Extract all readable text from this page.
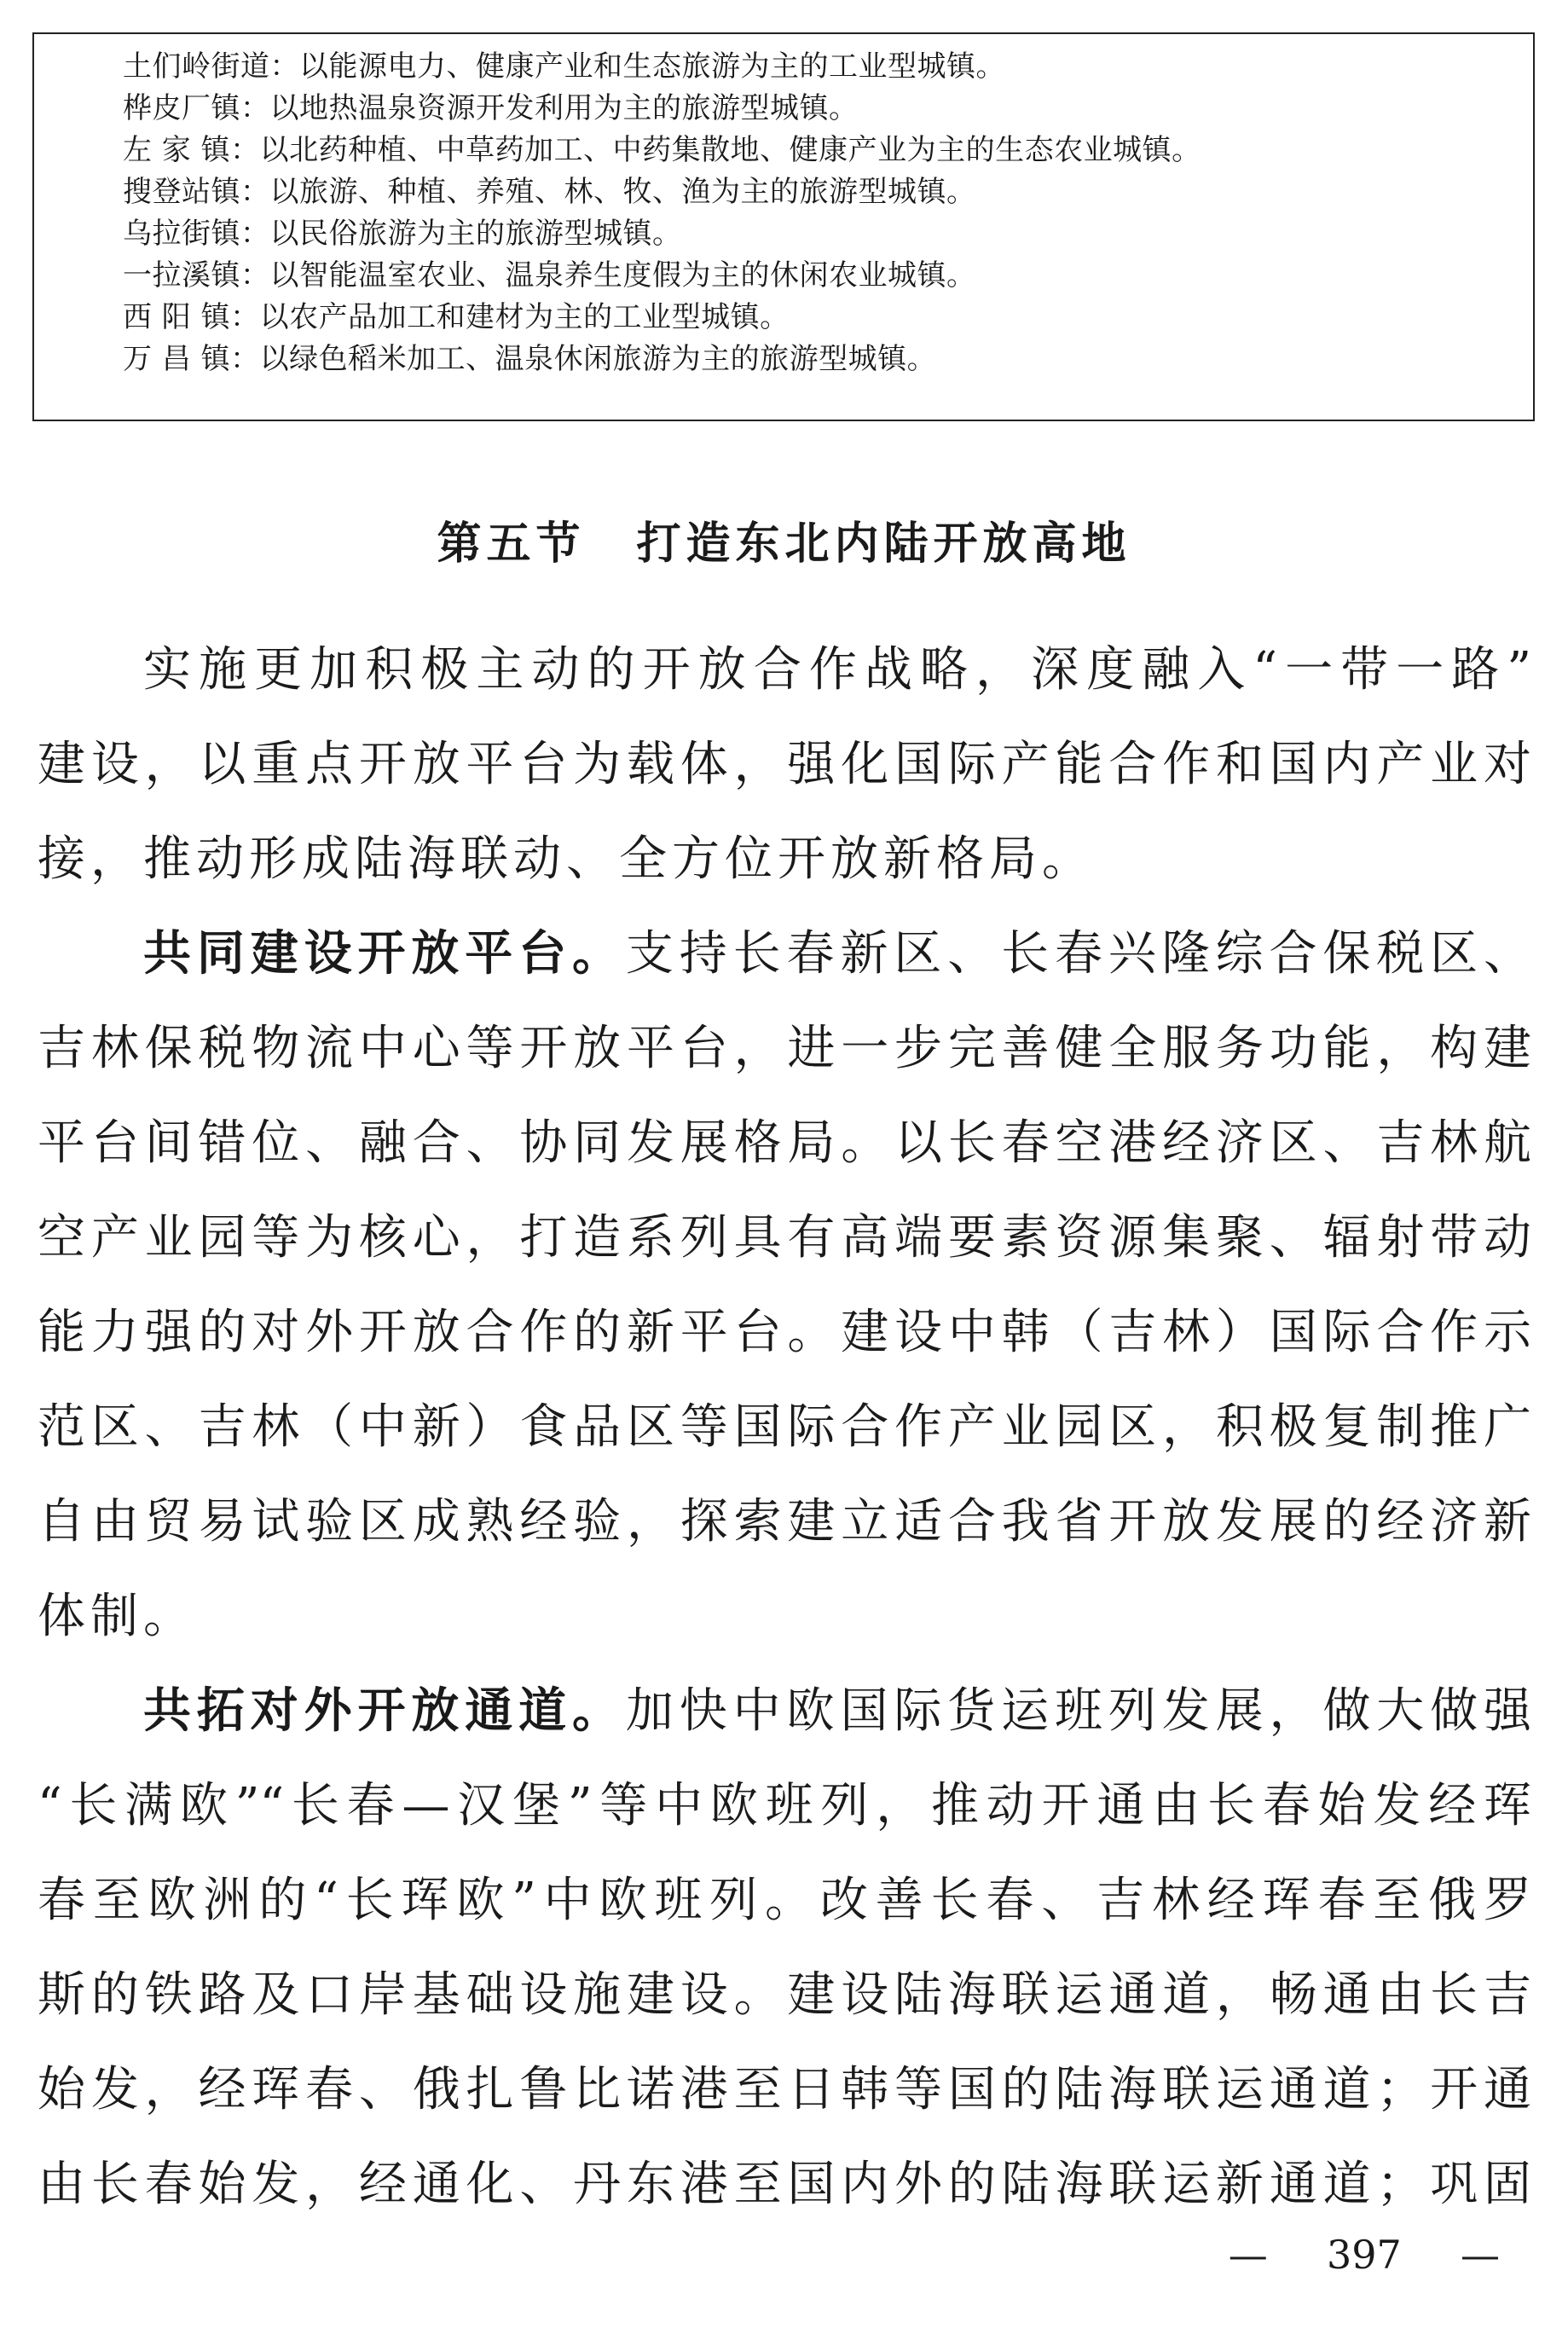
土们岭街道：以能源电力、健康产业和生态旅游为主的工业型城镇。
桦皮厂镇：以地热温泉资源开发利用为主的旅游型城镇。
左 家 镇：以北药种植、中草药加工、中药集散地、健康产业为主的生态农业城镇。
搜登站镇：以旅游、种植、养殖、林、牧、渔为主的旅游型城镇。
乌拉街镇：以民俗旅游为主的旅游型城镇。
一拉溪镇：以智能温室农业、温泉养生度假为主的休闲农业城镇。
西 阳 镇：以农产品加工和建材为主的工业型城镇。
万 昌 镇：以绿色稻米加工、温泉休闲旅游为主的旅游型城镇。
第五节 打造东北内陆开放高地
实施更加积极主动的开放合作战略，深度融入“一带一路”
建设，以重点开放平台为载体，强化国际产能合作和国内产业对
接，推动形成陆海联动、全方位开放新格局。
共同建设开放平台。支持长春新区、长春兴隆综合保税区、
吉林保税物流中心等开放平台，进一步完善健全服务功能，构建
平台间错位、融合、协同发展格局。以长春空港经济区、吉林航
空产业园等为核心，打造系列具有高端要素资源集聚、辐射带动
能力强的对外开放合作的新平台。建设中韩（吉林）国际合作示
范区、吉林（中新）食品区等国际合作产业园区，积极复制推广
自由贸易试验区成熟经验，探索建立适合我省开放发展的经济新
体制。
共拓对外开放通道。加快中欧国际货运班列发展，做大做强
“长满欧”“长春—汉堡”等中欧班列，推动开通由长春始发经珲
春至欧洲的“长珲欧”中欧班列。改善长春、吉林经珲春至俄罗
斯的铁路及口岸基础设施建设。建设陆海联运通道，畅通由长吉
始发，经珲春、俄扎鲁比诺港至日韩等国的陆海联运通道；开通
由长春始发，经通化、丹东港至国内外的陆海联运新通道；巩固
— 397 —
